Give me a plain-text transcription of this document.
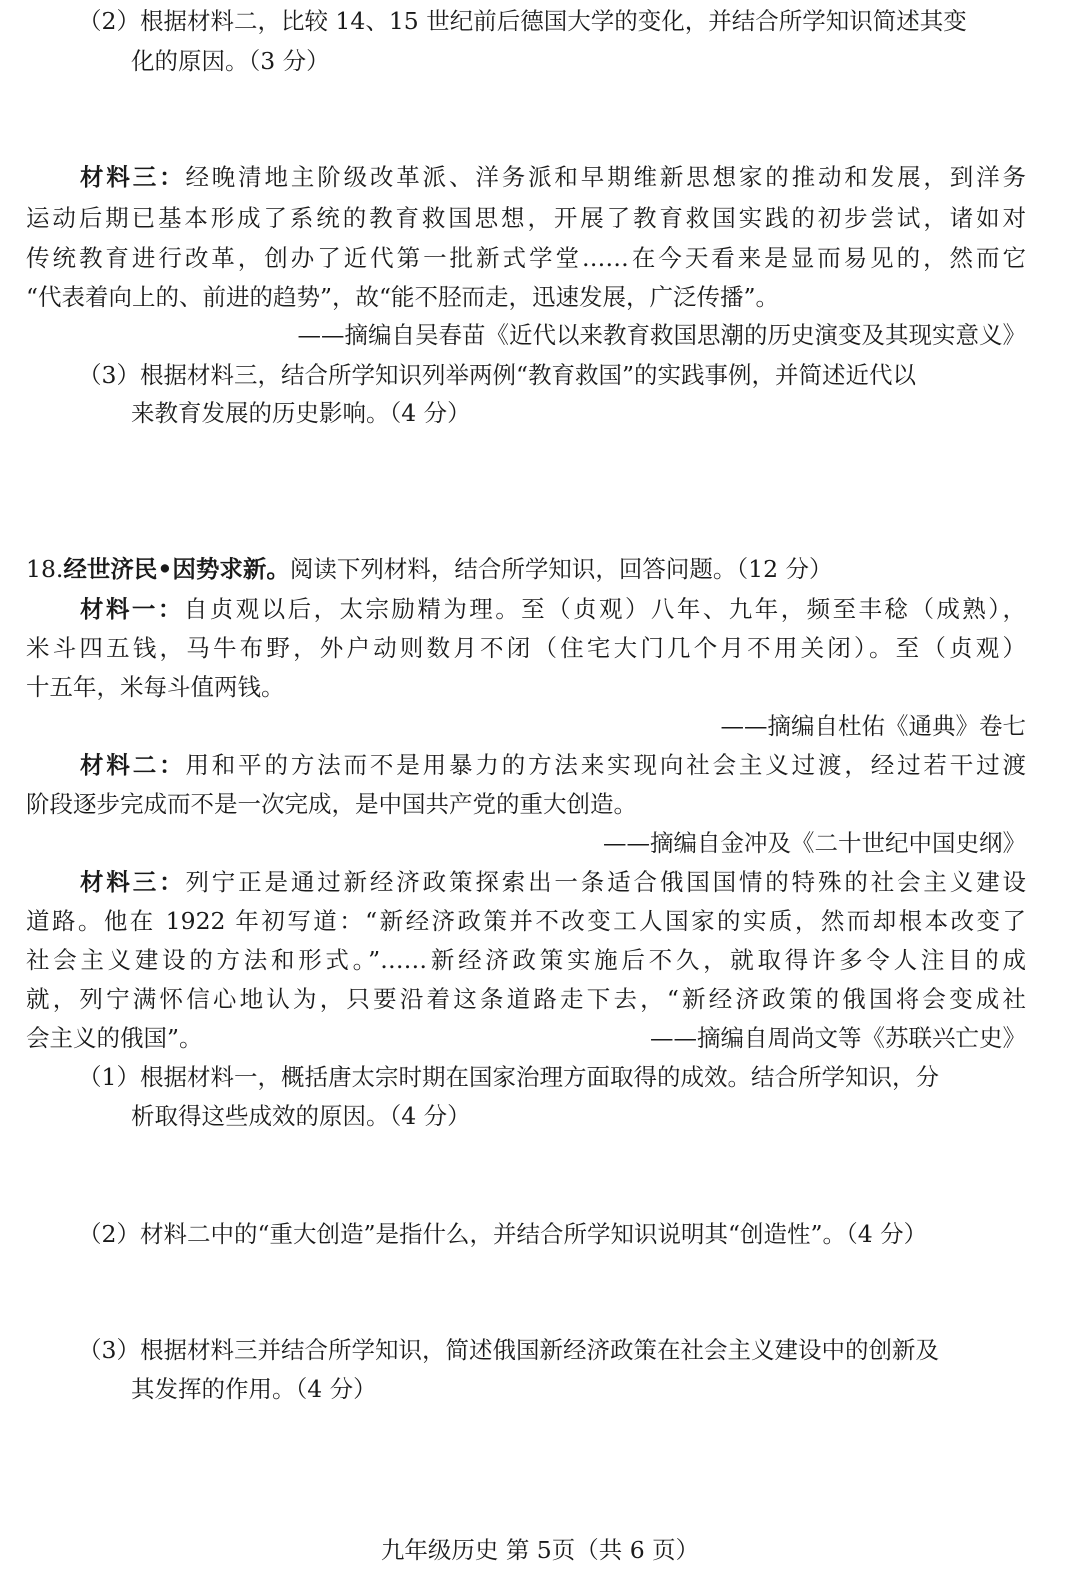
（2）根据材料二，比较 14、15 世纪前后德国大学的变化，并结合所学知识简述其变
化的原因。（3 分）
材料三：经晚清地主阶级改革派、洋务派和早期维新思想家的推动和发展，到洋务
运动后期已基本形成了系统的教育救国思想，开展了教育救国实践的初步尝试，诸如对
传统教育进行改革，创办了近代第一批新式学堂……在今天看来是显而易见的，然而它
“代表着向上的、前进的趋势”，故“能不胫而走，迅速发展，广泛传播”。
——摘编自吴春苗《近代以来教育救国思潮的历史演变及其现实意义》
（3）根据材料三，结合所学知识列举两例“教育救国”的实践事例，并简述近代以
来教育发展的历史影响。（4 分）
18.经世济民•因势求新。阅读下列材料，结合所学知识，回答问题。（12 分）
材料一：自贞观以后，太宗励精为理。至（贞观）八年、九年，频至丰稔（成熟），
米斗四五钱，马牛布野，外户动则数月不闭（住宅大门几个月不用关闭）。至（贞观）
十五年，米每斗值两钱。
——摘编自杜佑《通典》卷七
材料二：用和平的方法而不是用暴力的方法来实现向社会主义过渡，经过若干过渡
阶段逐步完成而不是一次完成，是中国共产党的重大创造。
——摘编自金冲及《二十世纪中国史纲》
材料三：列宁正是通过新经济政策探索出一条适合俄国国情的特殊的社会主义建设
道路。他在 1922 年初写道：“新经济政策并不改变工人国家的实质，然而却根本改变了
社会主义建设的方法和形式。”……新经济政策实施后不久，就取得许多令人注目的成
就，列宁满怀信心地认为，只要沿着这条道路走下去，“新经济政策的俄国将会变成社
会主义的俄国”。	——摘编自周尚文等《苏联兴亡史》
（1）根据材料一，概括唐太宗时期在国家治理方面取得的成效。结合所学知识，分
析取得这些成效的原因。（4 分）
（2）材料二中的“重大创造”是指什么，并结合所学知识说明其“创造性”。（4 分）
（3）根据材料三并结合所学知识，简述俄国新经济政策在社会主义建设中的创新及
其发挥的作用。（4 分）
九年级历史 第 5页（共 6 页）
